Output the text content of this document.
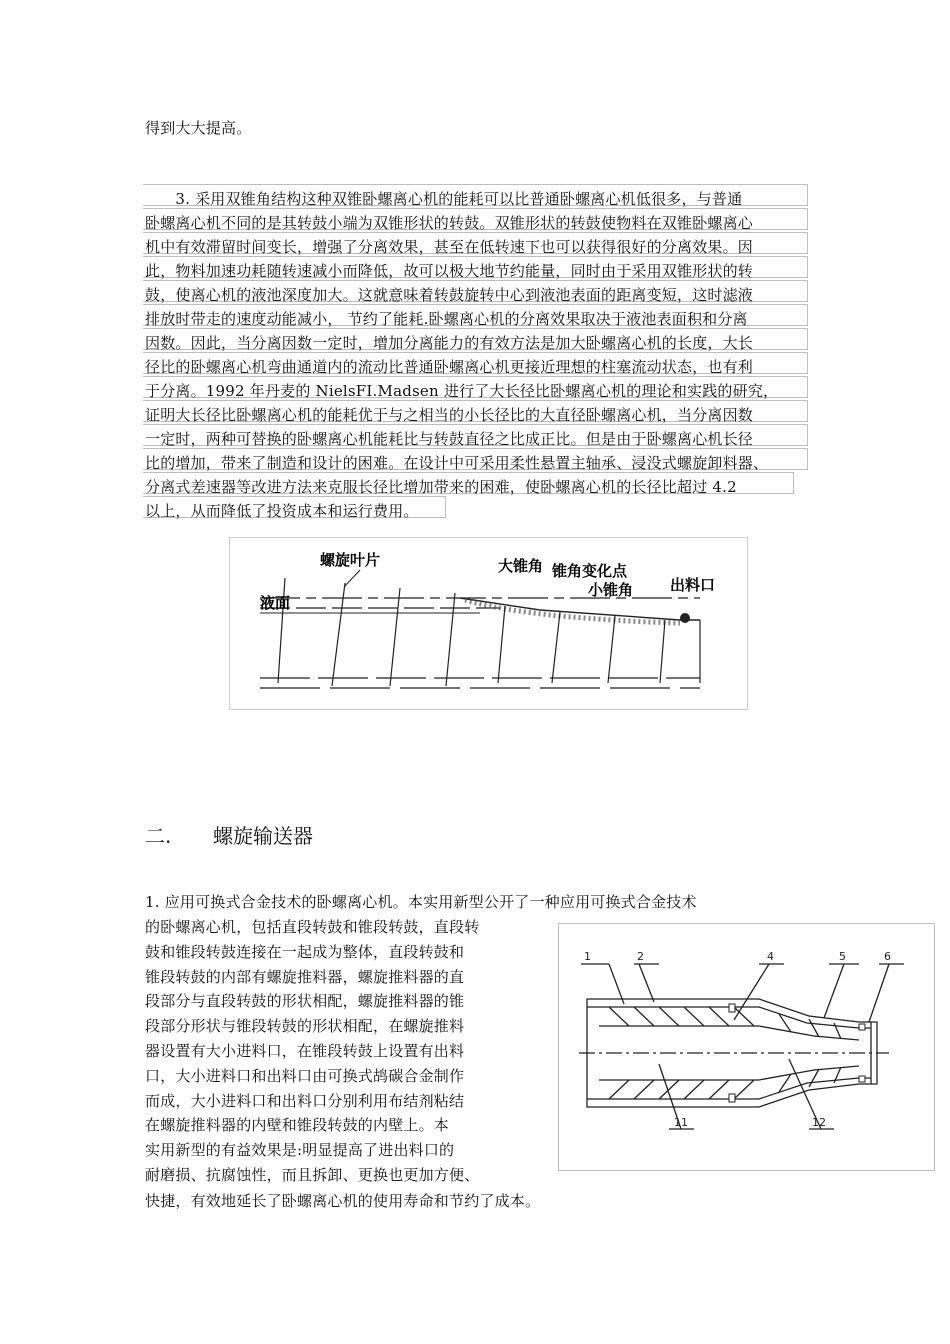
得到大大提高。
　　3. 采用双锥角结构这种双锥卧螺离心机的能耗可以比普通卧螺离心机低很多，与普通
卧螺离心机不同的是其转鼓小端为双锥形状的转鼓。双锥形状的转鼓使物料在双锥卧螺离心
机中有效滞留时间变长，增强了分离效果，甚至在低转速下也可以获得很好的分离效果。因
此，物料加速功耗随转速减小而降低，故可以极大地节约能量，同时由于采用双锥形状的转
鼓，使离心机的液池深度加大。这就意味着转鼓旋转中心到液池表面的距离变短，这时滤液
排放时带走的速度动能减小， 节约了能耗.卧螺离心机的分离效果取决于液池表面积和分离
因数。因此，当分离因数一定时，增加分离能力的有效方法是加大卧螺离心机的长度，大长
径比的卧螺离心机弯曲通道内的流动比普通卧螺离心机更接近理想的柱塞流动状态，也有利
于分离。1992 年丹麦的 NielsFI.Madsen 进行了大长径比卧螺离心机的理论和实践的研究，
证明大长径比卧螺离心机的能耗优于与之相当的小长径比的大直径卧螺离心机，当分离因数
一定时，两种可替换的卧螺离心机能耗比与转鼓直径之比成正比。但是由于卧螺离心机长径
比的增加，带来了制造和设计的困难。在设计中可采用柔性悬置主轴承、浸没式螺旋卸料器、
分离式差速器等改进方法来克服长径比增加带来的困难，使卧螺离心机的长径比超过 4.2
以上，从而降低了投资成本和运行费用。
螺旋叶片
液面
大锥角 锥角变化点
小锥角 出料口
二. 螺旋输送器
1. 应用可换式合金技术的卧螺离心机。本实用新型公开了一种应用可换式合金技术
的卧螺离心机，包括直段转鼓和锥段转鼓，直段转
鼓和锥段转鼓连接在一起成为整体，直段转鼓和
锥段转鼓的内部有螺旋推料器，螺旋推料器的直
段部分与直段转鼓的形状相配，螺旋推料器的锥
段部分形状与锥段转鼓的形状相配，在螺旋推料
器设置有大小进料口，在锥段转鼓上设置有出料
口，大小进料口和出料口由可换式鸪碳合金制作
而成，大小进料口和出料口分别利用布结剂粘结
在螺旋推料器的内壁和锥段转鼓的内壁上。本
实用新型的有益效果是:明显提高了进出料口的
耐磨损、抗腐蚀性，而且拆卸、更换也更加方便、
快捷，有效地延长了卧螺离心机的使用寿命和节约了成本。
1	2	4	5	6
11	12
